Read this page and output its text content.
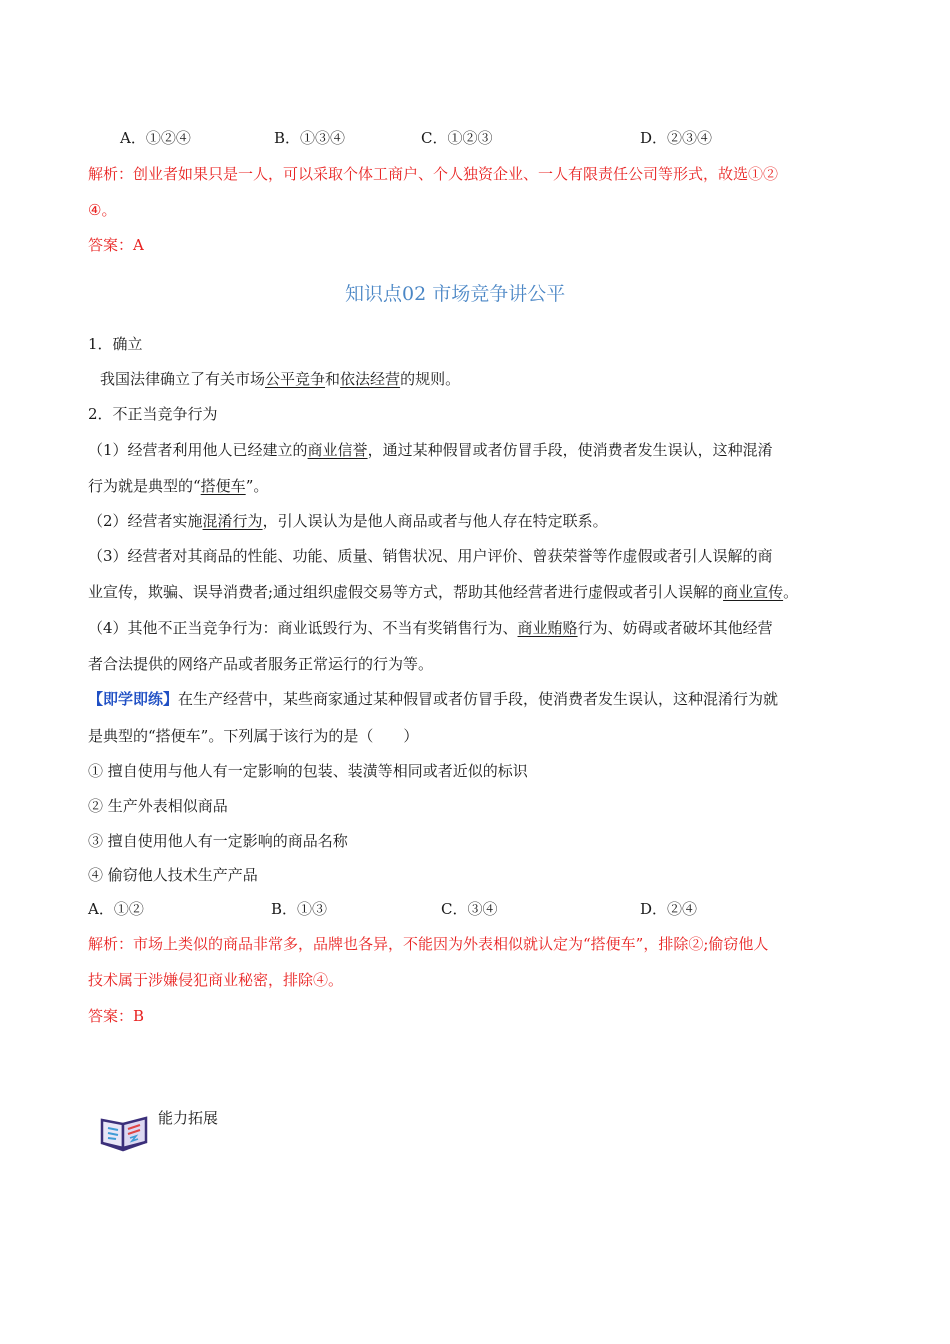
A．①②④	B．①③④	C．①②③	D．②③④
解析：创业者如果只是一人，可以采取个体工商户、个人独资企业、一人有限责任公司等形式，故选①②
④。
答案：A
知识点02 市场竞争讲公平
1．确立
我国法律确立了有关市场公平竞争和依法经营的规则。
2．不正当竞争行为
（1）经营者利用他人已经建立的商业信誉，通过某种假冒或者仿冒手段，使消费者发生误认，这种混淆
行为就是典型的“搭便车”。
（2）经营者实施混淆行为，引人误认为是他人商品或者与他人存在特定联系。
（3）经营者对其商品的性能、功能、质量、销售状况、用户评价、曾获荣誉等作虚假或者引人误解的商
业宣传，欺骗、误导消费者;通过组织虚假交易等方式，帮助其他经营者进行虚假或者引人误解的商业宣传。
（4）其他不正当竞争行为：商业诋毁行为、不当有奖销售行为、商业贿赂行为、妨碍或者破坏其他经营
者合法提供的网络产品或者服务正常运行的行为等。
【即学即练】在生产经营中，某些商家通过某种假冒或者仿冒手段，使消费者发生误认，这种混淆行为就
是典型的“搭便车”。下列属于该行为的是（　　）
① 擅自使用与他人有一定影响的包装、装潢等相同或者近似的标识
② 生产外表相似商品
③ 擅自使用他人有一定影响的商品名称
④ 偷窃他人技术生产产品
A．①②	B．①③	C．③④	D．②④
解析：市场上类似的商品非常多，品牌也各异，不能因为外表相似就认定为“搭便车”，排除②;偷窃他人
技术属于涉嫌侵犯商业秘密，排除④。
答案：B
能力拓展
